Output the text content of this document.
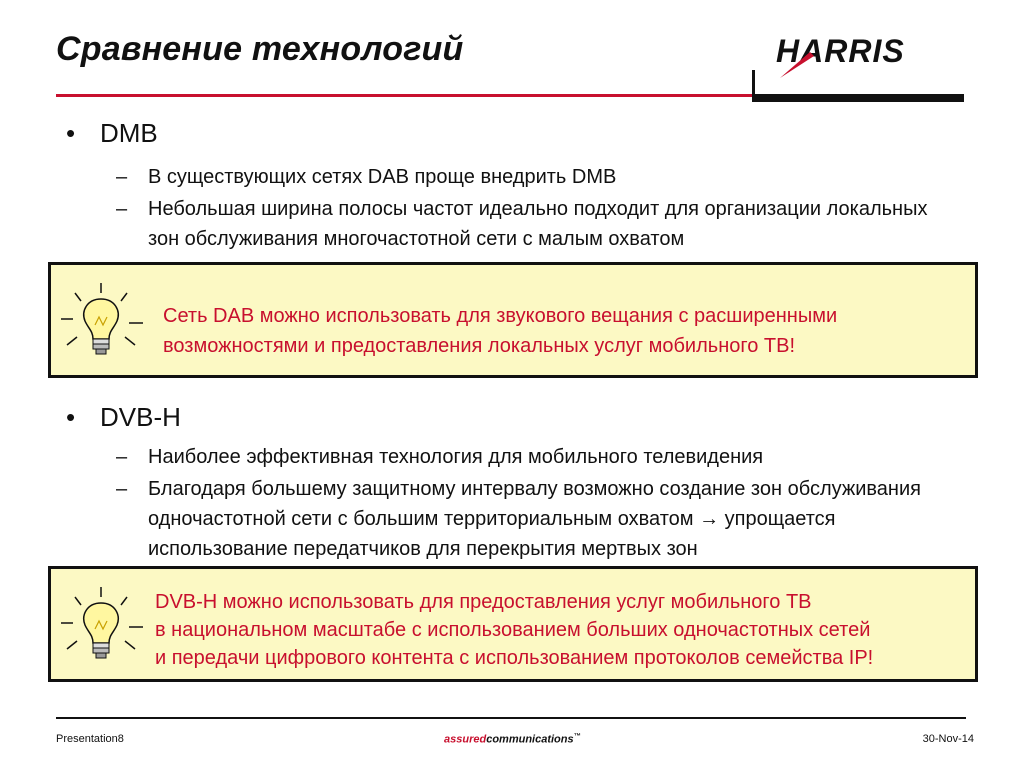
Сравнение технологий	HARRIS
• DMB
– В существующих сетях DAB проще внедрить DMB
– Небольшая ширина полосы частот идеально подходит для организации локальных зон обслуживания многочастотной сети с малым охватом
Сеть DAB можно использовать для звукового вещания с расширенными
возможностями и предоставления локальных услуг мобильного ТВ!
• DVB-H
– Наиболее эффективная технология для мобильного телевидения
– Благодаря большему защитному интервалу возможно создание зон обслуживания одночастотной сети с большим территориальным охватом → упрощается использование передатчиков для перекрытия мертвых зон
DVB-H можно использовать для предоставления услуг мобильного ТВ
в национальном масштабе с использованием больших одночастотных сетей
и передачи цифрового контента с использованием протоколов семейства IP!
Presentation8	assuredcommunications™	30-Nov-14
